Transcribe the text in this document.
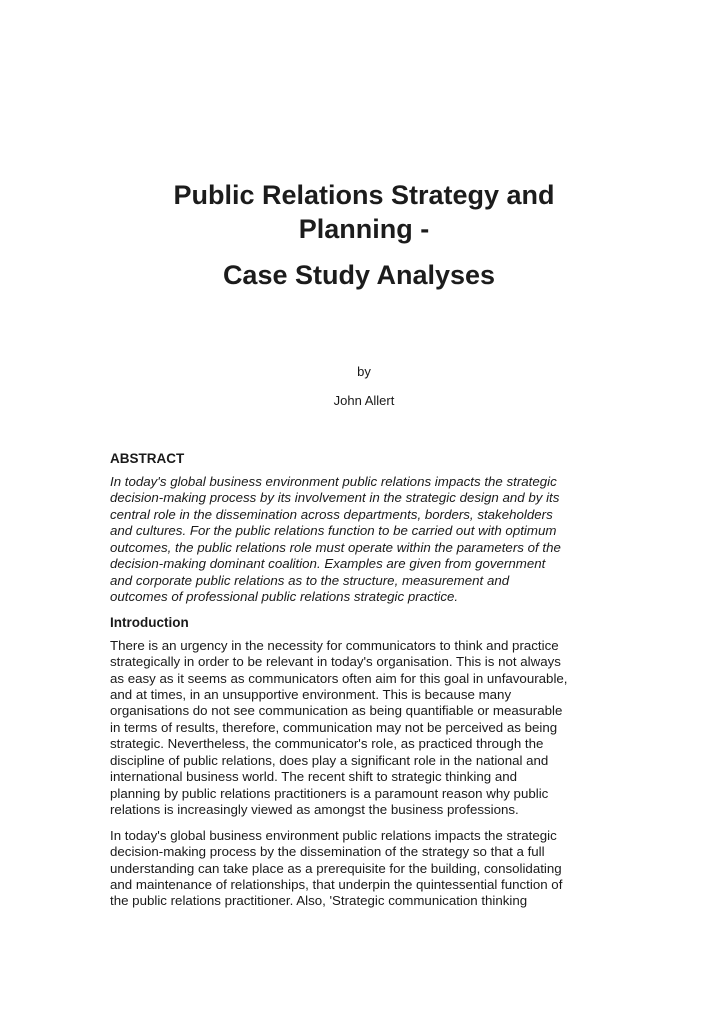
Public Relations Strategy and

Planning -

Case Study Analyses

by
John Allert
ABSTRACT
In today's global business environment public relations impacts the strategic
decision-making process by its involvement in the strategic design and by its
central role in the dissemination across departments, borders, stakeholders
and cultures. For the public relations function to be carried out with optimum
outcomes, the public relations role must operate within the parameters of the
decision-making dominant coalition. Examples are given from government
and corporate public relations as to the structure, measurement and
outcomes of professional public relations strategic practice.
Introduction
There is an urgency in the necessity for communicators to think and practice
strategically in order to be relevant in today's organisation. This is not always
as easy as it seems as communicators often aim for this goal in unfavourable,
and at times, in an unsupportive environment. This is because many
organisations do not see communication as being quantifiable or measurable
in terms of results, therefore, communication may not be perceived as being
strategic. Nevertheless, the communicator's role, as practiced through the
discipline of public relations, does play a significant role in the national and
international business world. The recent shift to strategic thinking and
planning by public relations practitioners is a paramount reason why public
relations is increasingly viewed as amongst the business professions.
In today's global business environment public relations impacts the strategic
decision-making process by the dissemination of the strategy so that a full
understanding can take place as a prerequisite for the building, consolidating
and maintenance of relationships, that underpin the quintessential function of
the public relations practitioner. Also, 'Strategic communication thinking
